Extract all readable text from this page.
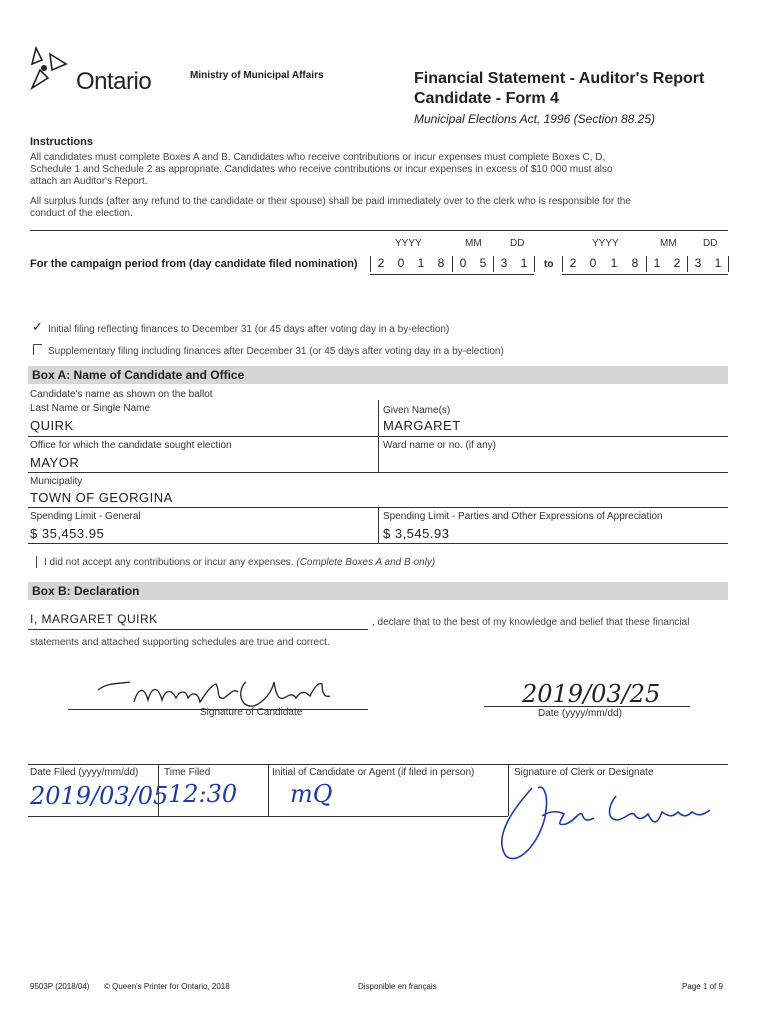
Ontario	Ministry of Municipal Affairs	Financial Statement - Auditor's Report
Candidate - Form 4
Municipal Elections Act, 1996 (Section 88.25)
Instructions
All candidates must complete Boxes A and B. Candidates who receive contributions or incur expenses must complete Boxes C, D,
Schedule 1 and Schedule 2 as appropriate. Candidates who receive contributions or incur expenses in excess of $10 000 must also
attach an Auditor's Report.
All surplus funds (after any refund to the candidate or their spouse) shall be paid immediately over to the clerk who is responsible for the
conduct of the election.
YYYY	MM	DD	YYYY	MM	DD
For the campaign period from (day candidate filed nomination)	2	0	1	8	0	5	3	1	to	2	0	1	8	1	2	3	1
✓ Initial filing reflecting finances to December 31 (or 45 days after voting day in a by-election)
Supplementary filing including finances after December 31 (or 45 days after voting day in a by-election)
Box A: Name of Candidate and Office
Candidate's name as shown on the ballot
Last Name or Single Name
QUIRK
Given Name(s)
MARGARET
Office for which the candidate sought election
MAYOR
Ward name or no. (if any)
Municipality
TOWN OF GEORGINA
Spending Limit - General
$ 35,453.95
Spending Limit - Parties and Other Expressions of Appreciation
$ 3,545.93
I did not accept any contributions or incur any expenses. (Complete Boxes A and B only)
Box B: Declaration
I, MARGARET QUIRK	, declare that to the best of my knowledge and belief that these financial
statements and attached supporting schedules are true and correct.
Signature of Candidate
2019/03/25
Date (yyyy/mm/dd)
Date Filed (yyyy/mm/dd)
2019/03/05
Time Filed
12:30
Initial of Candidate or Agent (if filed in person)
mQ
Signature of Clerk or Designate
9503P (2018/04) © Queen's Printer for Ontario, 2018	Disponible en français	Page 1 of 9
